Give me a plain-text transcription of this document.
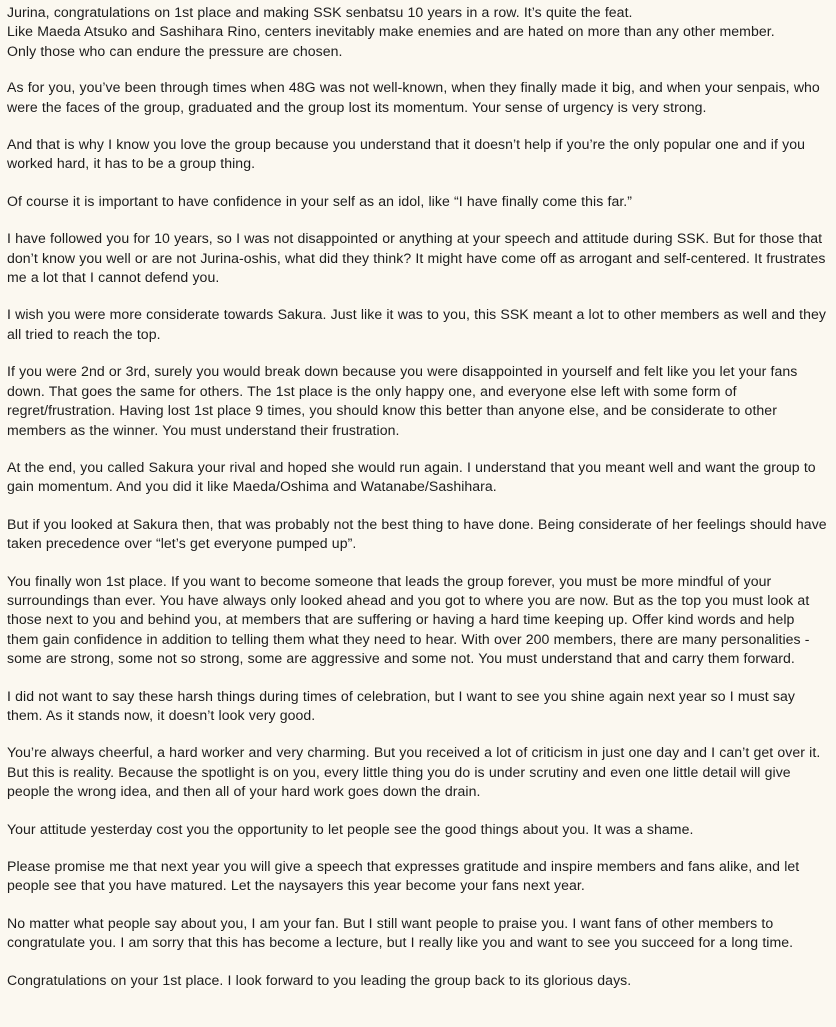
Jurina, congratulations on 1st place and making SSK senbatsu 10 years in a row. It’s quite the feat.
Like Maeda Atsuko and Sashihara Rino, centers inevitably make enemies and are hated on more than any other member.
Only those who can endure the pressure are chosen.

As for you, you’ve been through times when 48G was not well-known, when they finally made it big, and when your senpais, who were the faces of the group, graduated and the group lost its momentum. Your sense of urgency is very strong.

And that is why I know you love the group because you understand that it doesn’t help if you’re the only popular one and if you worked hard, it has to be a group thing.

Of course it is important to have confidence in your self as an idol, like “I have finally come this far.”

I have followed you for 10 years, so I was not disappointed or anything at your speech and attitude during SSK. But for those that don’t know you well or are not Jurina-oshis, what did they think? It might have come off as arrogant and self-centered. It frustrates me a lot that I cannot defend you.

I wish you were more considerate towards Sakura. Just like it was to you, this SSK meant a lot to other members as well and they all tried to reach the top.

If you were 2nd or 3rd, surely you would break down because you were disappointed in yourself and felt like you let your fans down. That goes the same for others. The 1st place is the only happy one, and everyone else left with some form of regret/frustration. Having lost 1st place 9 times, you should know this better than anyone else, and be considerate to other members as the winner. You must understand their frustration.

At the end, you called Sakura your rival and hoped she would run again. I understand that you meant well and want the group to gain momentum. And you did it like Maeda/Oshima and Watanabe/Sashihara.

But if you looked at Sakura then, that was probably not the best thing to have done. Being considerate of her feelings should have taken precedence over “let’s get everyone pumped up”.

You finally won 1st place. If you want to become someone that leads the group forever, you must be more mindful of your surroundings than ever. You have always only looked ahead and you got to where you are now. But as the top you must look at those next to you and behind you, at members that are suffering or having a hard time keeping up. Offer kind words and help them gain confidence in addition to telling them what they need to hear. With over 200 members, there are many personalities - some are strong, some not so strong, some are aggressive and some not. You must understand that and carry them forward.

I did not want to say these harsh things during times of celebration, but I want to see you shine again next year so I must say them. As it stands now, it doesn’t look very good.

You’re always cheerful, a hard worker and very charming. But you received a lot of criticism in just one day and I can’t get over it. But this is reality. Because the spotlight is on you, every little thing you do is under scrutiny and even one little detail will give people the wrong idea, and then all of your hard work goes down the drain.

Your attitude yesterday cost you the opportunity to let people see the good things about you. It was a shame.

Please promise me that next year you will give a speech that expresses gratitude and inspire members and fans alike, and let people see that you have matured. Let the naysayers this year become your fans next year.

No matter what people say about you, I am your fan. But I still want people to praise you. I want fans of other members to congratulate you. I am sorry that this has become a lecture, but I really like you and want to see you succeed for a long time.

Congratulations on your 1st place. I look forward to you leading the group back to its glorious days.
